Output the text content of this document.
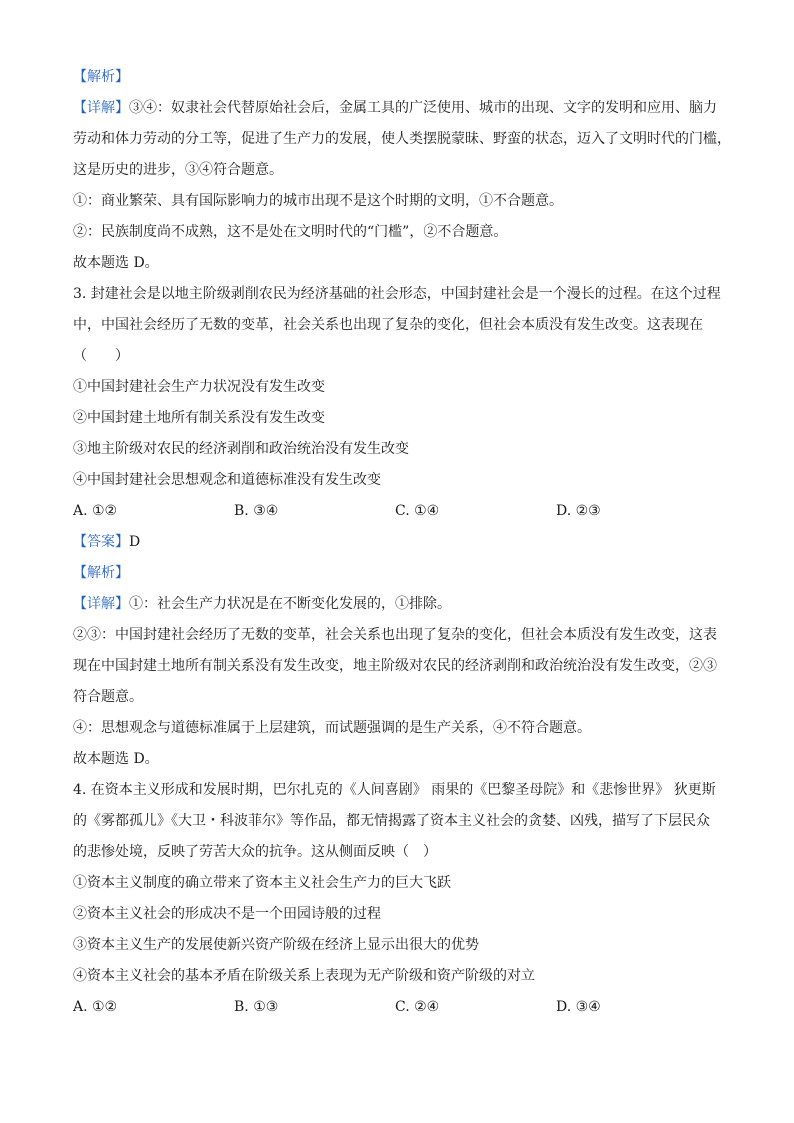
【解析】
【详解】③④：奴隶社会代替原始社会后，金属工具的广泛使用、城市的出现、文字的发明和应用、脑力
劳动和体力劳动的分工等，促进了生产力的发展，使人类摆脱蒙昧、野蛮的状态，迈入了文明时代的门槛，
这是历史的进步，③④符合题意。
①：商业繁荣、具有国际影响力的城市出现不是这个时期的文明，①不合题意。
②：民族制度尚不成熟，这不是处在文明时代的“门槛”，②不合题意。
故本题选 D。
3. 封建社会是以地主阶级剥削农民为经济基础的社会形态，中国封建社会是一个漫长的过程。在这个过程
中，中国社会经历了无数的变革，社会关系也出现了复杂的变化，但社会本质没有发生改变。这表现在
（　　）
①中国封建社会生产力状况没有发生改变
②中国封建土地所有制关系没有发生改变
③地主阶级对农民的经济剥削和政治统治没有发生改变
④中国封建社会思想观念和道德标准没有发生改变
A. ①②	B. ③④	C. ①④	D. ②③
【答案】D
【解析】
【详解】①：社会生产力状况是在不断变化发展的，①排除。
②③：中国封建社会经历了无数的变革，社会关系也出现了复杂的变化，但社会本质没有发生改变，这表
现在中国封建土地所有制关系没有发生改变，地主阶级对农民的经济剥削和政治统治没有发生改变，②③
符合题意。
④：思想观念与道德标准属于上层建筑，而试题强调的是生产关系，④不符合题意。
故本题选 D。
4. 在资本主义形成和发展时期，巴尔扎克的《人间喜剧》 雨果的《巴黎圣母院》和《悲惨世界》 狄更斯
的《雾都孤儿》《大卫・科波菲尔》等作品，都无情揭露了资本主义社会的贪婪、凶残，描写了下层民众
的悲惨处境，反映了劳苦大众的抗争。这从侧面反映（　）
①资本主义制度的确立带来了资本主义社会生产力的巨大飞跃
②资本主义社会的形成决不是一个田园诗般的过程
③资本主义生产的发展使新兴资产阶级在经济上显示出很大的优势
④资本主义社会的基本矛盾在阶级关系上表现为无产阶级和资产阶级的对立
A. ①②	B. ①③	C. ②④	D. ③④
